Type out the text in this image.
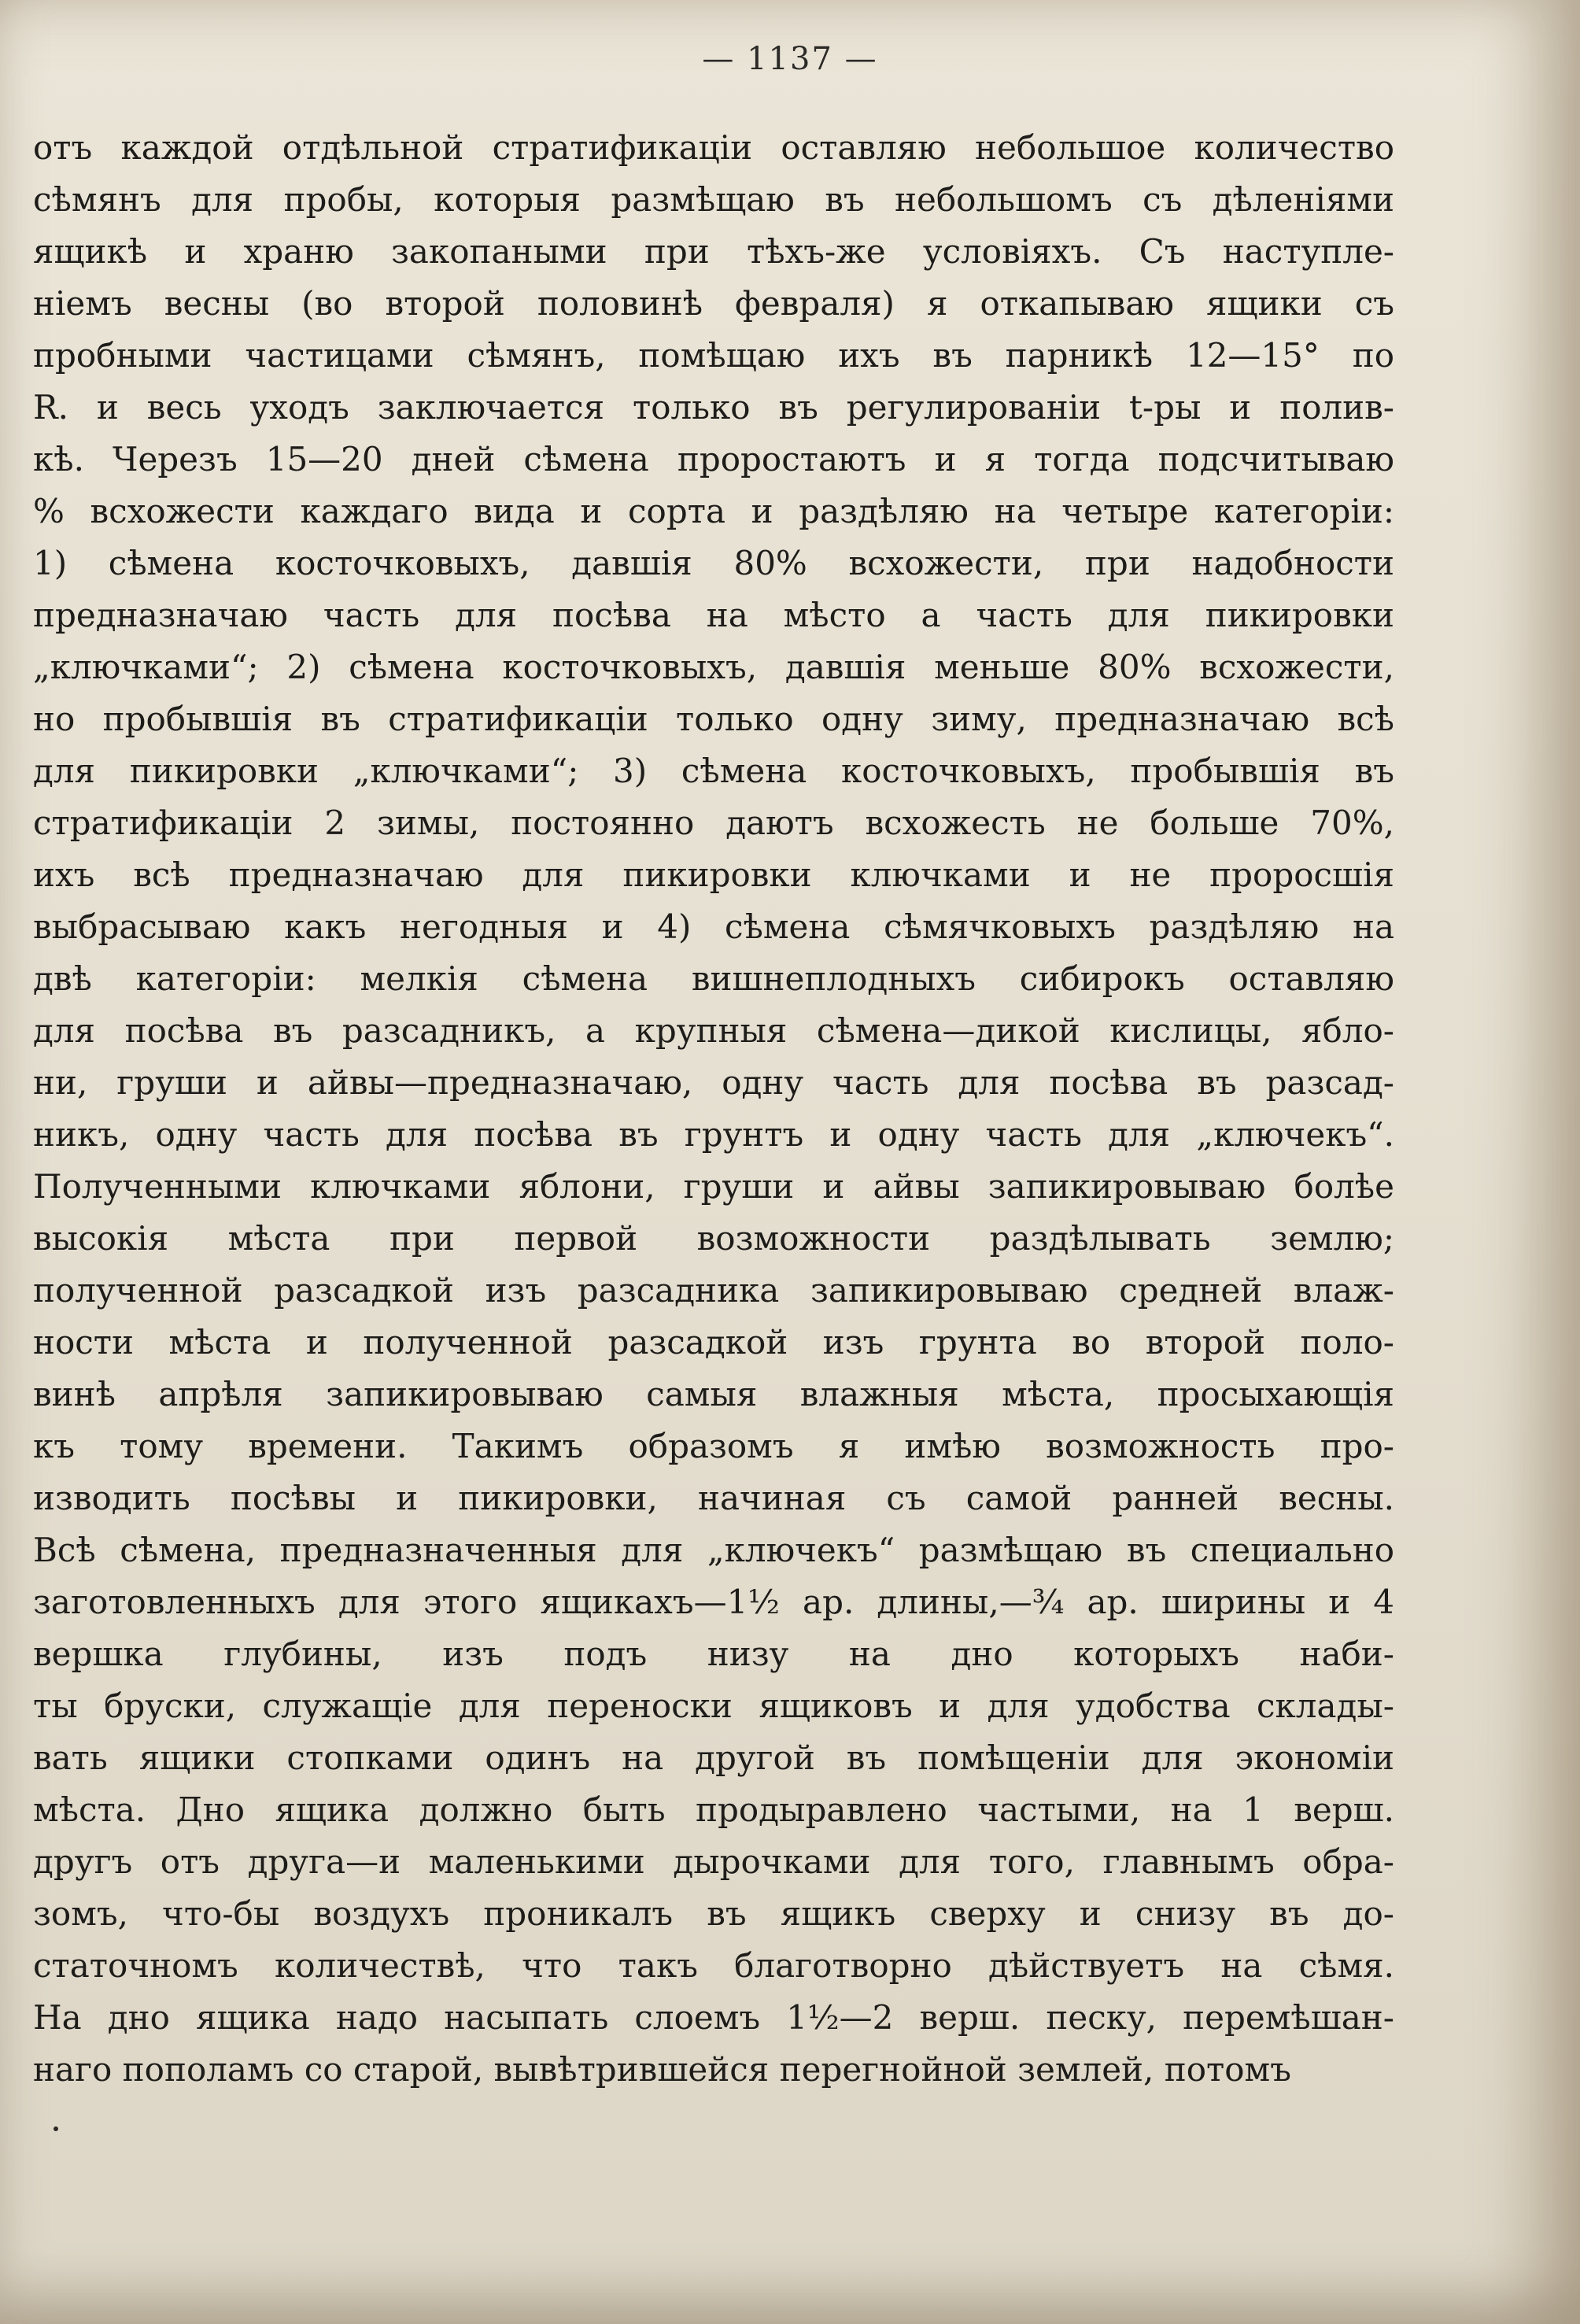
— 1137 —
отъ каждой отдѣльной стратификаціи оставляю небольшое количество
сѣмянъ для пробы, которыя размѣщаю въ небольшомъ съ дѣленіями
ящикѣ и храню закопаными при тѣхъ-же условіяхъ. Съ наступле-
ніемъ весны (во второй половинѣ февраля) я откапываю ящики съ
пробными частицами сѣмянъ, помѣщаю ихъ въ парникѣ 12—15° по
R. и весь уходъ заключается только въ регулированіи t-ры и полив-
кѣ. Черезъ 15—20 дней сѣмена проростаютъ и я тогда подсчитываю
% всхожести каждаго вида и сорта и раздѣляю на четыре категоріи:
1) сѣмена косточковыхъ, давшія 80% всхожести, при надобности
предназначаю часть для посѣва на мѣсто а часть для пикировки
„ключками“; 2) сѣмена косточковыхъ, давшія меньше 80% всхожести,
но пробывшія въ стратификаціи только одну зиму, предназначаю всѣ
для пикировки „ключками“; 3) сѣмена косточковыхъ, пробывшія въ
стратификаціи 2 зимы, постоянно даютъ всхожесть не больше 70%,
ихъ всѣ предназначаю для пикировки ключками и не проросшія
выбрасываю какъ негодныя и 4) сѣмена сѣмячковыхъ раздѣляю на
двѣ категоріи: мелкія сѣмена вишнеплодныхъ сибирокъ оставляю
для посѣва въ разсадникъ, а крупныя сѣмена—дикой кислицы, ябло-
ни, груши и айвы—предназначаю, одну часть для посѣва въ разсад-
никъ, одну часть для посѣва въ грунтъ и одну часть для „ключекъ“.
Полученными ключками яблони, груши и айвы запикировываю болѣе
высокія мѣста при первой возможности раздѣлывать землю;
полученной разсадкой изъ разсадника запикировываю средней влаж-
ности мѣста и полученной разсадкой изъ грунта во второй поло-
винѣ апрѣля запикировываю самыя влажныя мѣста, просыхающія
къ тому времени. Такимъ образомъ я имѣю возможность про-
изводить посѣвы и пикировки, начиная съ самой ранней весны.
Всѣ сѣмена, предназначенныя для „ключекъ“ размѣщаю въ специально
заготовленныхъ для этого ящикахъ—1½ ар. длины,—¾ ар. ширины и 4
вершка глубины, изъ подъ низу на дно которыхъ наби-
ты бруски, служащіе для переноски ящиковъ и для удобства склады-
вать ящики стопками одинъ на другой въ помѣщеніи для экономіи
мѣста. Дно ящика должно быть продыравлено частыми, на 1 верш.
другъ отъ друга—и маленькими дырочками для того, главнымъ обра-
зомъ, что-бы воздухъ проникалъ въ ящикъ сверху и снизу въ до-
статочномъ количествѣ, что такъ благотворно дѣйствуетъ на сѣмя.
На дно ящика надо насыпать слоемъ 1½—2 верш. песку, перемѣшан-
наго пополамъ со старой, вывѣтрившейся перегнойной землей, потомъ
